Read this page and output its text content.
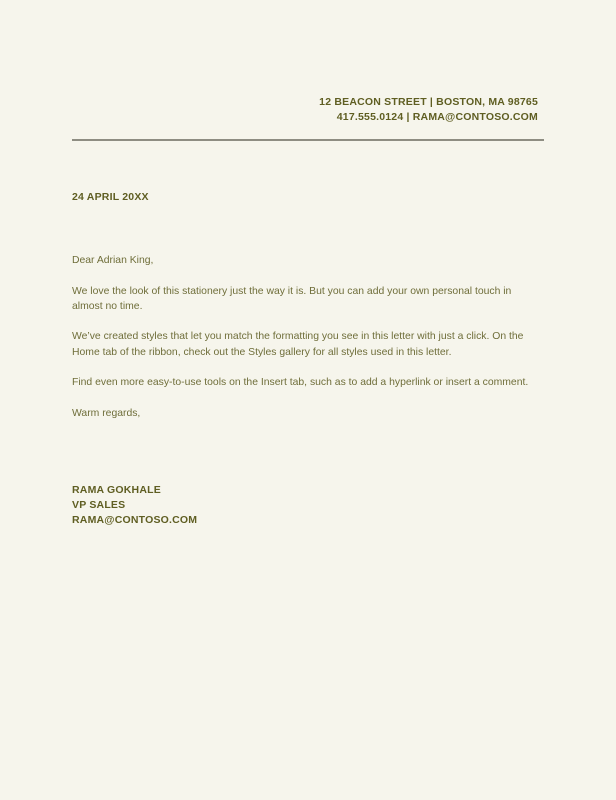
12 BEACON STREET | BOSTON, MA 98765
417.555.0124 | RAMA@CONTOSO.COM
24 APRIL 20XX

Dear Adrian King,

We love the look of this stationery just the way it is. But you can add your own personal touch in almost no time.

We’ve created styles that let you match the formatting you see in this letter with just a click. On the Home tab of the ribbon, check out the Styles gallery for all styles used in this letter.

Find even more easy-to-use tools on the Insert tab, such as to add a hyperlink or insert a comment.

Warm regards,

RAMA GOKHALE
VP SALES
RAMA@CONTOSO.COM
